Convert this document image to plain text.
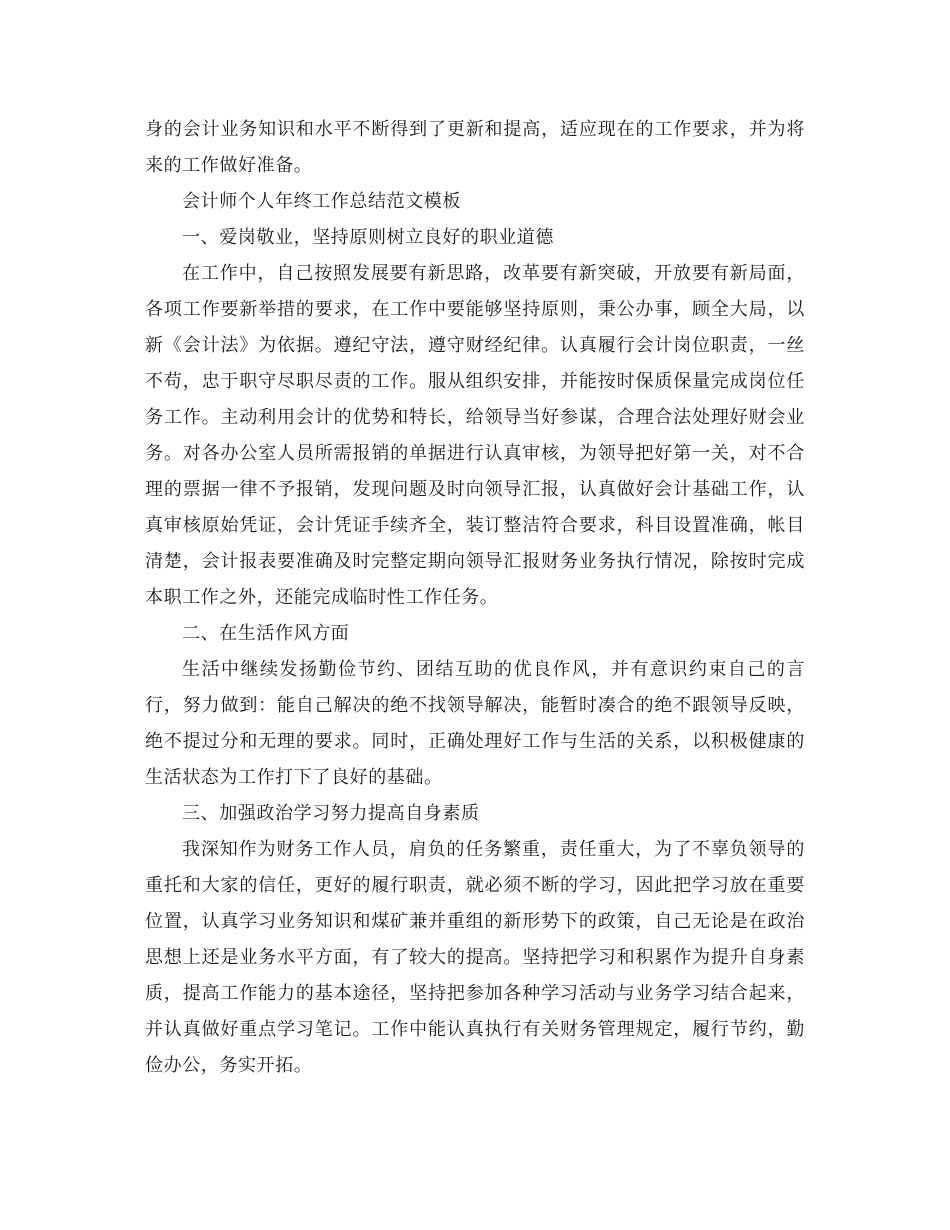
身的会计业务知识和水平不断得到了更新和提高，适应现在的工作要求，并为将来的工作做好准备。

会计师个人年终工作总结范文模板

一、爱岗敬业，坚持原则树立良好的职业道德

在工作中，自己按照发展要有新思路，改革要有新突破，开放要有新局面，各项工作要新举措的要求，在工作中要能够坚持原则，秉公办事，顾全大局，以新《会计法》为依据。遵纪守法，遵守财经纪律。认真履行会计岗位职责，一丝不苟，忠于职守尽职尽责的工作。服从组织安排，并能按时保质保量完成岗位任务工作。主动利用会计的优势和特长，给领导当好参谋，合理合法处理好财会业务。对各办公室人员所需报销的单据进行认真审核，为领导把好第一关，对不合理的票据一律不予报销，发现问题及时向领导汇报，认真做好会计基础工作，认真审核原始凭证，会计凭证手续齐全，装订整洁符合要求，科目设置准确，帐目清楚，会计报表要准确及时完整定期向领导汇报财务业务执行情况，除按时完成本职工作之外，还能完成临时性工作任务。

二、在生活作风方面

生活中继续发扬勤俭节约、团结互助的优良作风，并有意识约束自己的言行，努力做到：能自己解决的绝不找领导解决，能暂时凑合的绝不跟领导反映，绝不提过分和无理的要求。同时，正确处理好工作与生活的关系，以积极健康的生活状态为工作打下了良好的基础。

三、加强政治学习努力提高自身素质

我深知作为财务工作人员，肩负的任务繁重，责任重大，为了不辜负领导的重托和大家的信任，更好的履行职责，就必须不断的学习，因此把学习放在重要位置，认真学习业务知识和煤矿兼并重组的新形势下的政策，自己无论是在政治思想上还是业务水平方面，有了较大的提高。坚持把学习和积累作为提升自身素质，提高工作能力的基本途径，坚持把参加各种学习活动与业务学习结合起来，并认真做好重点学习笔记。工作中能认真执行有关财务管理规定，履行节约，勤俭办公，务实开拓。
